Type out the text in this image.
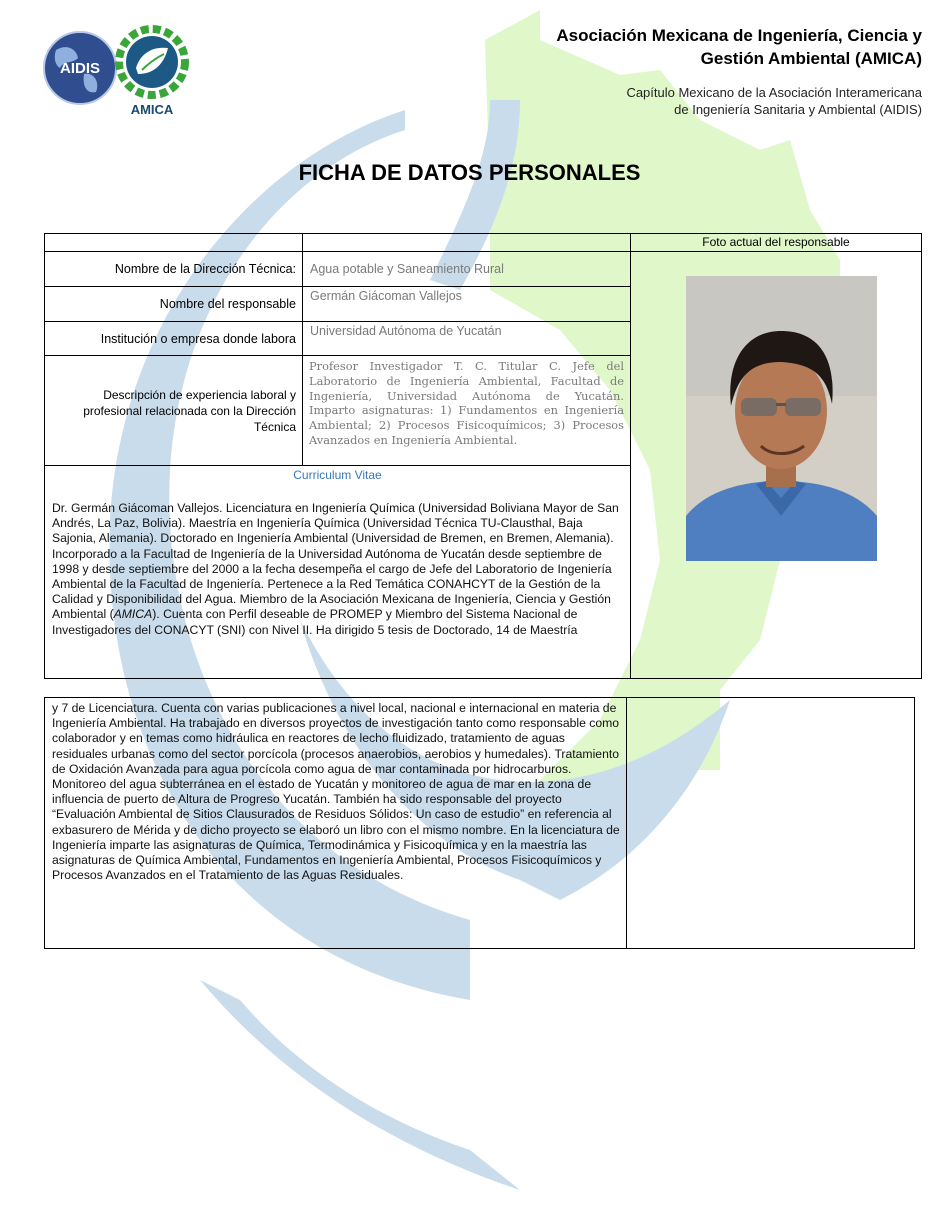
AIDIS
AMICA
Asociación Mexicana de Ingeniería, Ciencia y
Gestión Ambiental (AMICA)
Capítulo Mexicano de la Asociación Interamericana
de Ingeniería Sanitaria y Ambiental (AIDIS)
FICHA DE DATOS PERSONALES
Foto actual del responsable
Nombre de la Dirección Técnica:	Agua potable y Saneamiento Rural
Nombre del responsable
Germán Giácoman Vallejos
Institución o empresa donde labora
Universidad Autónoma de Yucatán
Descripción de experiencia laboral y profesional relacionada con la Dirección Técnica
Profesor Investigador T. C. Titular C. Jefe del Laboratorio de Ingeniería Ambiental, Facultad de Ingeniería, Universidad Autónoma de Yucatán. Imparto asignaturas: 1) Fundamentos en Ingeniería Ambiental; 2) Procesos Fisicoquímicos; 3) Procesos Avanzados en Ingeniería Ambiental.
Curriculum Vitae
Dr. Germán Giácoman Vallejos. Licenciatura en Ingeniería Química (Universidad Boliviana Mayor de San Andrés, La Paz, Bolivia). Maestría en Ingeniería Química (Universidad Técnica TU-Clausthal, Baja Sajonia, Alemania). Doctorado en Ingeniería Ambiental (Universidad de Bremen, en Bremen, Alemania). Incorporado a la Facultad de Ingeniería de la Universidad Autónoma de Yucatán desde septiembre de 1998 y desde septiembre del 2000 a la fecha desempeña el cargo de Jefe del Laboratorio de Ingeniería Ambiental de la Facultad de Ingeniería. Pertenece a la Red Temática CONAHCYT de la Gestión de la Calidad y Disponibilidad del Agua. Miembro de la Asociación Mexicana de Ingeniería, Ciencia y Gestión Ambiental (AMICA). Cuenta con Perfil deseable de PROMEP y Miembro del Sistema Nacional de Investigadores del CONACYT (SNI) con Nivel II. Ha dirigido 5 tesis de Doctorado, 14 de Maestría
y 7 de Licenciatura. Cuenta con varias publicaciones a nivel local, nacional e internacional en materia de Ingeniería Ambiental. Ha trabajado en diversos proyectos de investigación tanto como responsable como colaborador y en temas como hidráulica en reactores de lecho fluidizado, tratamiento de aguas residuales urbanas como del sector porcícola (procesos anaerobios, aerobios y humedales). Tratamiento de Oxidación Avanzada para agua porcícola como agua de mar contaminada por hidrocarburos. Monitoreo del agua subterránea en el estado de Yucatán y monitoreo de agua de mar en la zona de influencia de puerto de Altura de Progreso Yucatán. También ha sido responsable del proyecto “Evaluación Ambiental de Sitios Clausurados de Residuos Sólidos: Un caso de estudio” en referencia al exbasurero de Mérida y de dicho proyecto se elaboró un libro con el mismo nombre. En la licenciatura de Ingeniería imparte las asignaturas de Química, Termodinámica y Fisicoquímica y en la maestría las asignaturas de Química Ambiental, Fundamentos en Ingeniería Ambiental, Procesos Fisicoquímicos y Procesos Avanzados en el Tratamiento de las Aguas Residuales.
